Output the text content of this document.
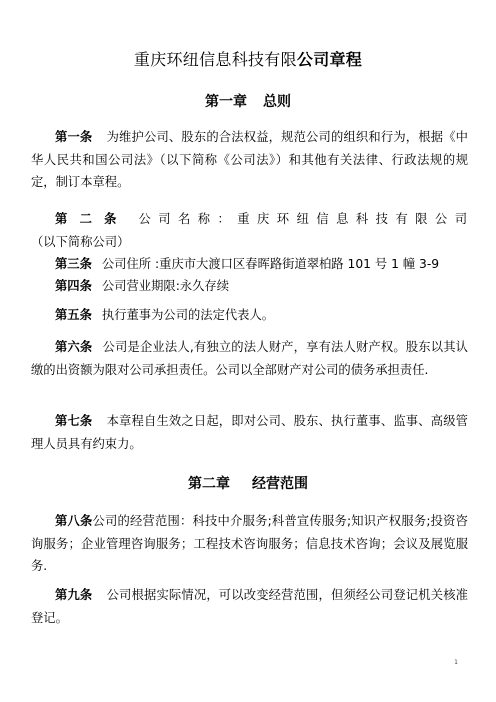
重庆环纽信息科技有限公司章程
第一章 总则
第一条 为维护公司、股东的合法权益，规范公司的组织和行为，根据《中华人民共和国公司法》（以下简称《公司法》）和其他有关法律、行政法规的规定，制订本章程。
第 二 条 公司名称：重庆环纽信息科技有限公司
（以下简称公司）
第三条 公司住所 :重庆市大渡口区春晖路街道翠柏路 101 号 1 幢 3-9
第四条 公司营业期限:永久存续
第五条 执行董事为公司的法定代表人。
第六条 公司是企业法人,有独立的法人财产，享有法人财产权。股东以其认缴的出资额为限对公司承担责任。公司以全部财产对公司的债务承担责任.
第七条 本章程自生效之日起，即对公司、股东、执行董事、监事、高级管理人员具有约束力。
第二章 经营范围
第八条公司的经营范围：科技中介服务;科普宣传服务;知识产权服务;投资咨询服务；企业管理咨询服务；工程技术咨询服务；信息技术咨询；会议及展览服务.
第九条 公司根据实际情况，可以改变经营范围，但须经公司登记机关核准登记。
1
